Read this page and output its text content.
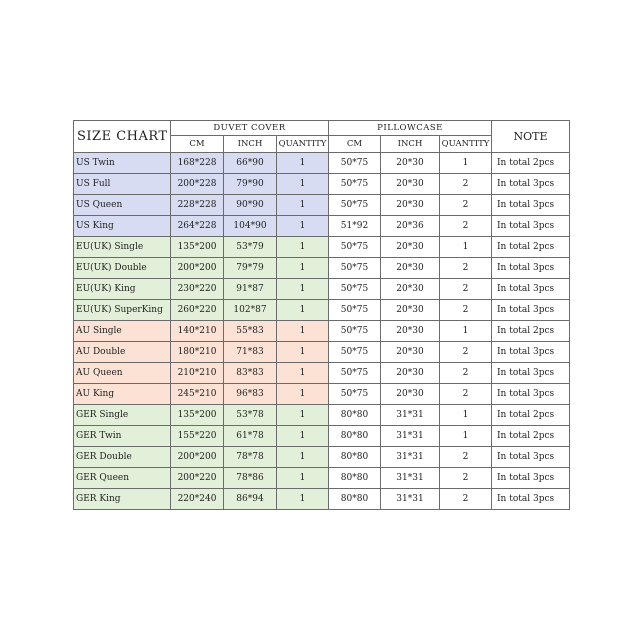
SIZE CHART	DUVET COVER			PILLOWCASE			NOTE
	CM	INCH	QUANTITY	CM	INCH	QUANTITY	
US Twin	168*228	66*90	1	50*75	20*30	1	In total 2pcs
US Full	200*228	79*90	1	50*75	20*30	2	In total 3pcs
US Queen	228*228	90*90	1	50*75	20*30	2	In total 3pcs
US King	264*228	104*90	1	51*92	20*36	2	In total 3pcs
EU(UK) Single	135*200	53*79	1	50*75	20*30	1	In total 2pcs
EU(UK) Double	200*200	79*79	1	50*75	20*30	2	In total 3pcs
EU(UK) King	230*220	91*87	1	50*75	20*30	2	In total 3pcs
EU(UK) SuperKing	260*220	102*87	1	50*75	20*30	2	In total 3pcs
AU Single	140*210	55*83	1	50*75	20*30	1	In total 2pcs
AU Double	180*210	71*83	1	50*75	20*30	2	In total 3pcs
AU Queen	210*210	83*83	1	50*75	20*30	2	In total 3pcs
AU King	245*210	96*83	1	50*75	20*30	2	In total 3pcs
GER Single	135*200	53*78	1	80*80	31*31	1	In total 2pcs
GER Twin	155*220	61*78	1	80*80	31*31	1	In total 2pcs
GER Double	200*200	78*78	1	80*80	31*31	2	In total 3pcs
GER Queen	200*220	78*86	1	80*80	31*31	2	In total 3pcs
GER King	220*240	86*94	1	80*80	31*31	2	In total 3pcs
